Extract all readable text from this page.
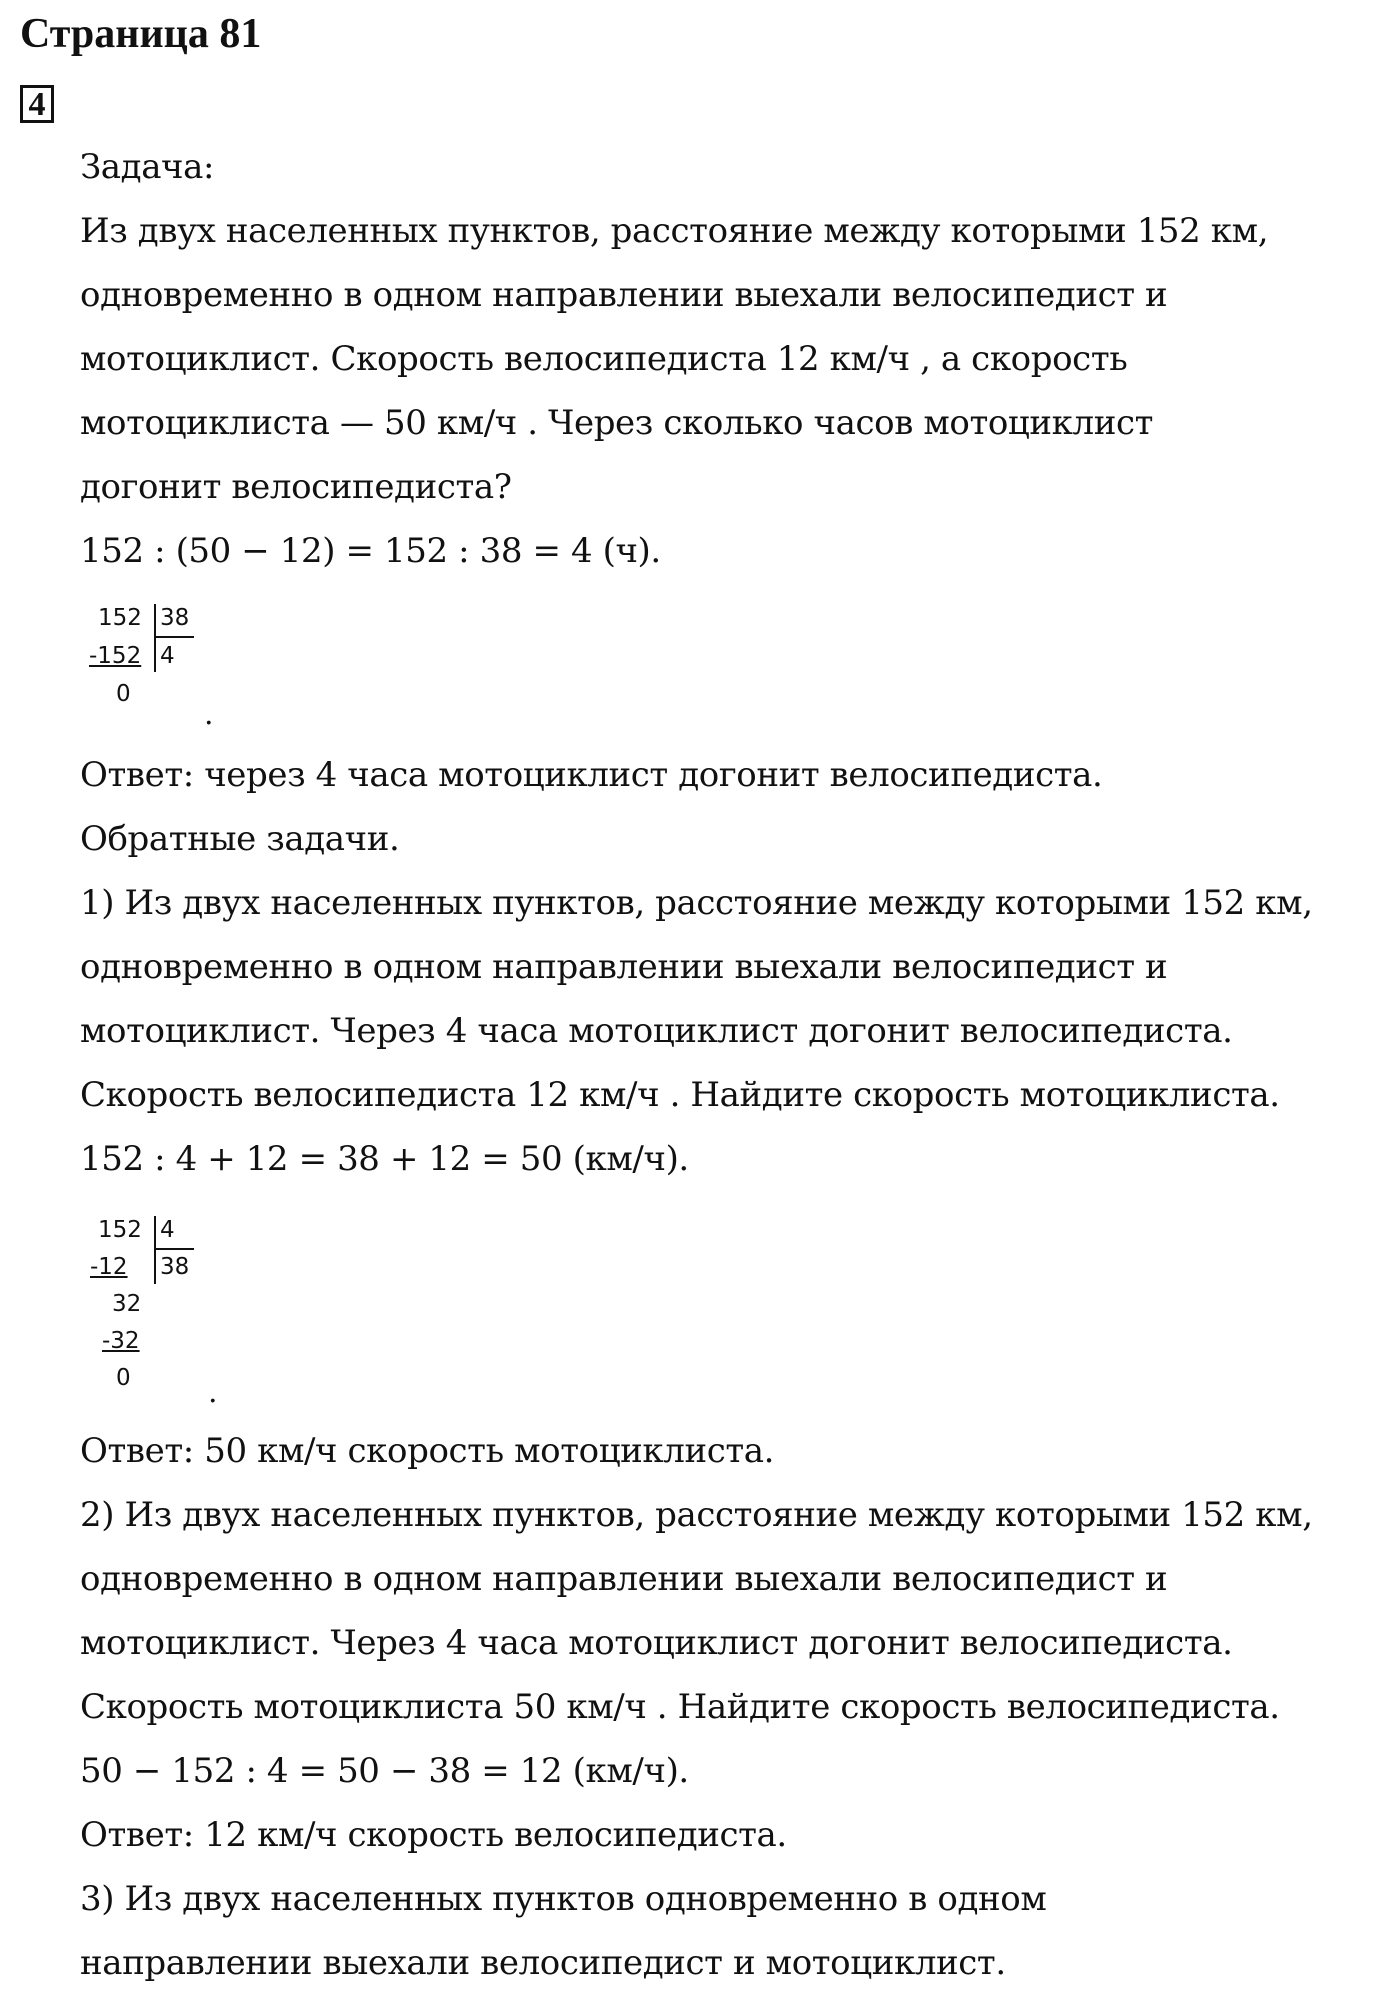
Страница 81
4
Задача:
Из двух населенных пунктов, расстояние между которыми 152 км,
одновременно в одном направлении выехали велосипедист и
мотоциклист. Скорость велосипедиста 12 км/ч , а скорость
мотоциклиста — 50 км/ч . Через сколько часов мотоциклист
догонит велосипедиста?
152 : (50 − 12) = 152 : 38 = 4 (ч).
152 38
-152 4
0
.
Ответ: через 4 часа мотоциклист догонит велосипедиста.
Обратные задачи.
1) Из двух населенных пунктов, расстояние между которыми 152 км,
одновременно в одном направлении выехали велосипедист и
мотоциклист. Через 4 часа мотоциклист догонит велосипедиста.
Скорость велосипедиста 12 км/ч . Найдите скорость мотоциклиста.
152 : 4 + 12 = 38 + 12 = 50 (км/ч).
152 4
-12 38
32
-32
0	.
Ответ: 50 км/ч скорость мотоциклиста.
2) Из двух населенных пунктов, расстояние между которыми 152 км,
одновременно в одном направлении выехали велосипедист и
мотоциклист. Через 4 часа мотоциклист догонит велосипедиста.
Скорость мотоциклиста 50 км/ч . Найдите скорость велосипедиста.
50 − 152 : 4 = 50 − 38 = 12 (км/ч).
Ответ: 12 км/ч скорость велосипедиста.
3) Из двух населенных пунктов одновременно в одном
направлении выехали велосипедист и мотоциклист.
